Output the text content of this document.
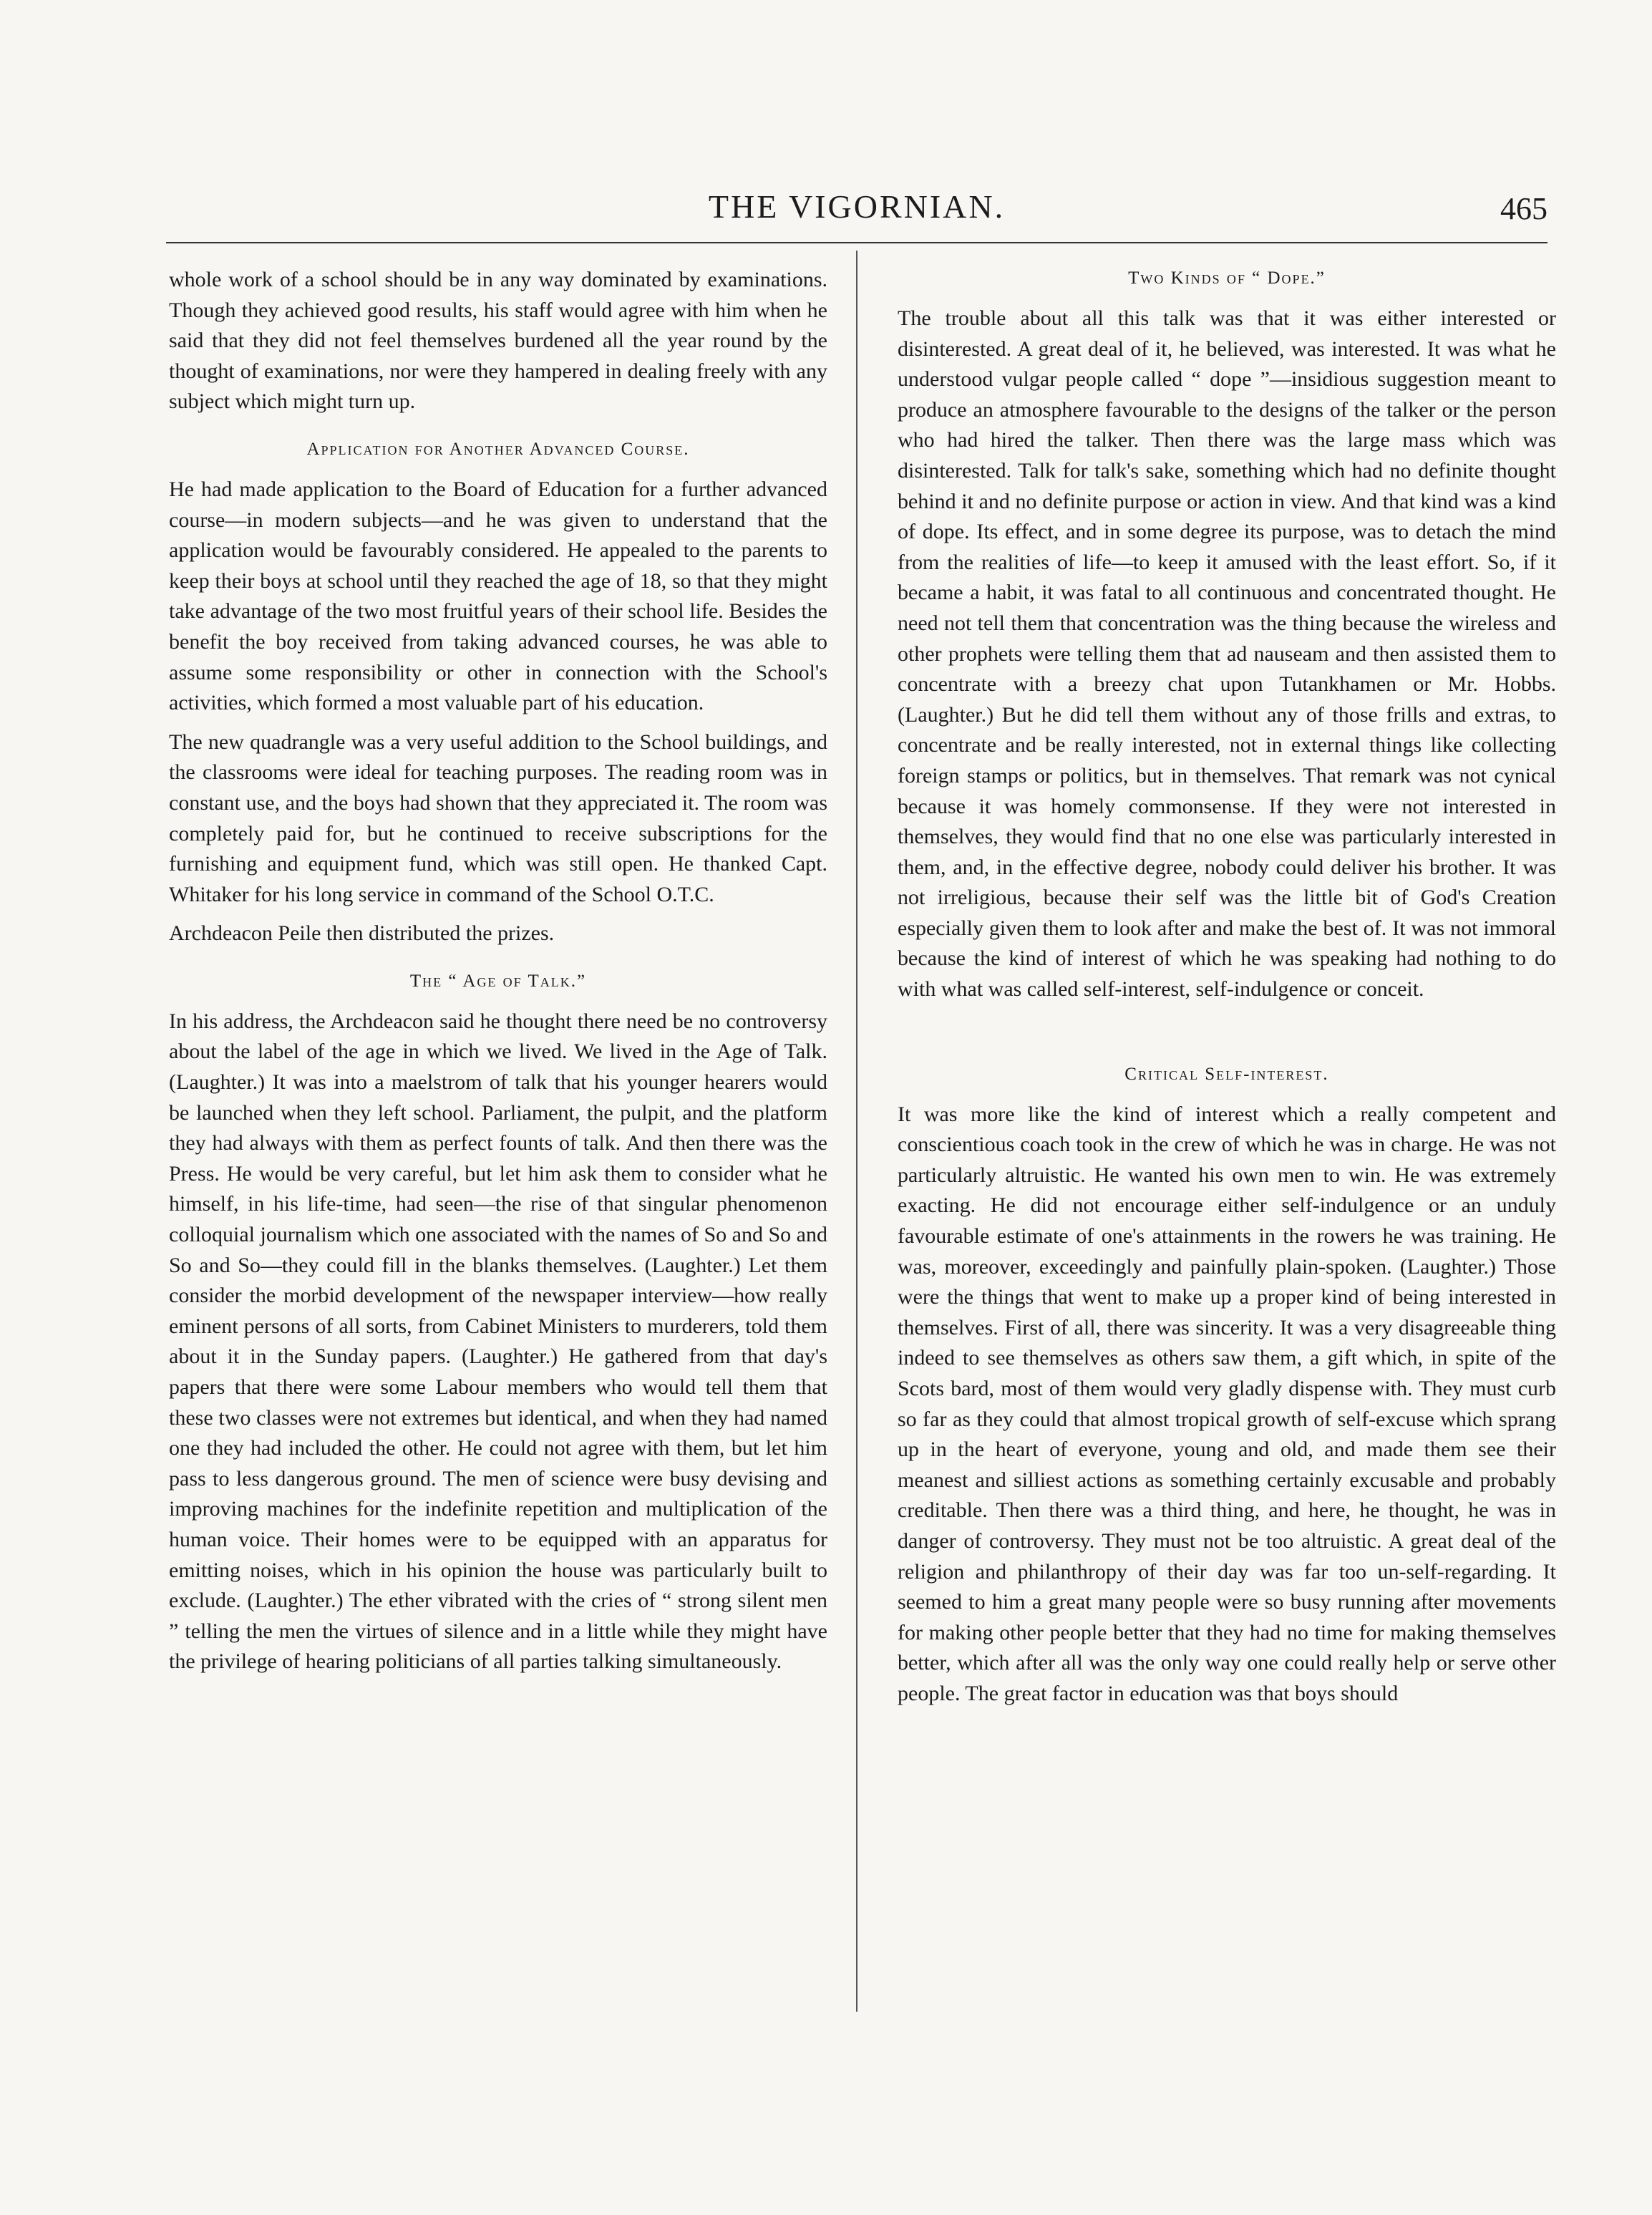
THE VIGORNIAN.	465

whole work of a school should be in any way dominated by examinations. Though they achieved good results, his staff would agree with him when he said that they did not feel themselves burdened all the year round by the thought of examinations, nor were they hampered in dealing freely with any subject which might turn up.

Application for Another Advanced Course.

He had made application to the Board of Education for a further advanced course—in modern subjects—and he was given to understand that the application would be favourably considered. He appealed to the parents to keep their boys at school until they reached the age of 18, so that they might take advantage of the two most fruitful years of their school life. Besides the benefit the boy received from taking advanced courses, he was able to assume some responsibility or other in connection with the School's activities, which formed a most valuable part of his education.

The new quadrangle was a very useful addition to the School buildings, and the classrooms were ideal for teaching purposes. The reading room was in constant use, and the boys had shown that they appreciated it. The room was completely paid for, but he continued to receive subscriptions for the furnishing and equipment fund, which was still open. He thanked Capt. Whitaker for his long service in command of the School O.T.C.

Archdeacon Peile then distributed the prizes.

The “ Age of Talk.”

In his address, the Archdeacon said he thought there need be no controversy about the label of the age in which we lived. We lived in the Age of Talk. (Laughter.) It was into a maelstrom of talk that his younger hearers would be launched when they left school. Parliament, the pulpit, and the platform they had always with them as perfect founts of talk. And then there was the Press. He would be very careful, but let him ask them to consider what he himself, in his life-time, had seen—the rise of that singular phenomenon colloquial journalism which one associated with the names of So and So and So and So—they could fill in the blanks themselves. (Laughter.) Let them consider the morbid development of the newspaper interview—how really eminent persons of all sorts, from Cabinet Ministers to murderers, told them about it in the Sunday papers. (Laughter.) He gathered from that day's papers that there were some Labour members who would tell them that these two classes were not extremes but identical, and when they had named one they had included the other. He could not agree with them, but let him pass to less dangerous ground. The men of science were busy devising and improving machines for the indefinite repetition and multiplication of the human voice. Their homes were to be equipped with an apparatus for emitting noises, which in his opinion the house was particularly built to exclude. (Laughter.) The ether vibrated with the cries of “ strong silent men ” telling the men the virtues of silence and in a little while they might have the privilege of hearing politicians of all parties talking simultaneously.

Two Kinds of “ Dope.”

The trouble about all this talk was that it was either interested or disinterested. A great deal of it, he believed, was interested. It was what he understood vulgar people called “ dope ”—insidious suggestion meant to produce an atmosphere favourable to the designs of the talker or the person who had hired the talker. Then there was the large mass which was disinterested. Talk for talk's sake, something which had no definite thought behind it and no definite purpose or action in view. And that kind was a kind of dope. Its effect, and in some degree its purpose, was to detach the mind from the realities of life—to keep it amused with the least effort. So, if it became a habit, it was fatal to all continuous and concentrated thought. He need not tell them that concentration was the thing because the wireless and other prophets were telling them that ad nauseam and then assisted them to concentrate with a breezy chat upon Tutankhamen or Mr. Hobbs. (Laughter.) But he did tell them without any of those frills and extras, to concentrate and be really interested, not in external things like collecting foreign stamps or politics, but in themselves. That remark was not cynical because it was homely commonsense. If they were not interested in themselves, they would find that no one else was particularly interested in them, and, in the effective degree, nobody could deliver his brother. It was not irreligious, because their self was the little bit of God's Creation especially given them to look after and make the best of. It was not immoral because the kind of interest of which he was speaking had nothing to do with what was called self-interest, self-indulgence or conceit.

Critical Self-interest.

It was more like the kind of interest which a really competent and conscientious coach took in the crew of which he was in charge. He was not particularly altruistic. He wanted his own men to win. He was extremely exacting. He did not encourage either self-indulgence or an unduly favourable estimate of one's attainments in the rowers he was training. He was, moreover, exceedingly and painfully plain-spoken. (Laughter.) Those were the things that went to make up a proper kind of being interested in themselves. First of all, there was sincerity. It was a very disagreeable thing indeed to see themselves as others saw them, a gift which, in spite of the Scots bard, most of them would very gladly dispense with. They must curb so far as they could that almost tropical growth of self-excuse which sprang up in the heart of everyone, young and old, and made them see their meanest and silliest actions as something certainly excusable and probably creditable. Then there was a third thing, and here, he thought, he was in danger of controversy. They must not be too altruistic. A great deal of the religion and philanthropy of their day was far too un-self-regarding. It seemed to him a great many people were so busy running after movements for making other people better that they had no time for making themselves better, which after all was the only way one could really help or serve other people. The great factor in education was that boys should
